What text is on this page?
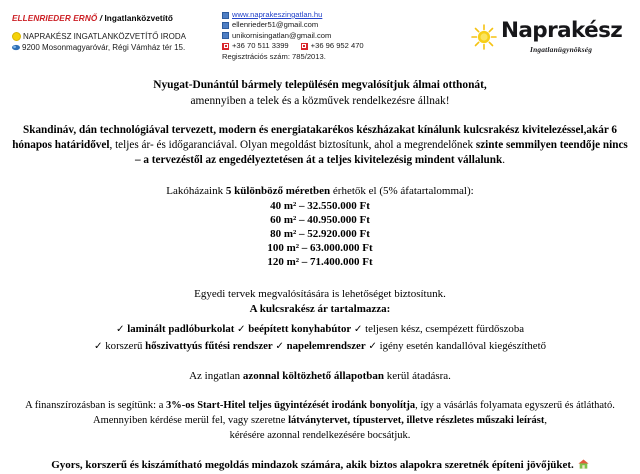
ELLENRIEDER ERNŐ / Ingatlanközvetítő
NAPRAKÉSZ INGATLANKÖZVETÍTŐ IRODA
9200 Mosonmagyaróvár, Régi Vámház tér 15.
www.naprakeszingatlan.hu
ellenrieder51@gmail.com
unikornisingatlan@gmail.com
+36 70 511 3399	+36 96 952 470
Regisztrációs szám: 785/2013.
Naprakész
Ingatlanügynökség
Nyugat-Dunántúl bármely településén megvalósítjuk álmai otthonát,
amennyiben a telek és a közművek rendelkezésre állnak!
Skandináv, dán technológiával tervezett, modern és energiatakarékos készházakat kínálunk kulcsrakész kivitelezéssel,akár 6 hónapos határidővel, teljes ár- és időgaranciával. Olyan megoldást biztosítunk, ahol a megrendelőnek szinte semmilyen teendője nincs – a tervezéstől az engedélyeztetésen át a teljes kivitelezésig mindent vállalunk.
Lakóházaink 5 különböző méretben érhetők el (5% áfatartalommal):
40 m² – 32.550.000 Ft
60 m² – 40.950.000 Ft
80 m² – 52.920.000 Ft
100 m² – 63.000.000 Ft
120 m² – 71.400.000 Ft
Egyedi tervek megvalósítására is lehetőséget biztosítunk.
A kulcsrakész ár tartalmazza:
✓ laminált padlóburkolat ✓ beépített konyhabútor ✓ teljesen kész, csempézett fürdőszoba
✓ korszerű hőszivattyús fűtési rendszer ✓ napelemrendszer ✓ igény esetén kandallóval kiegészíthető
Az ingatlan azonnal költözhető állapotban kerül átadásra.
A finanszírozásban is segítünk: a 3%-os Start-Hitel teljes ügyintézését irodánk bonyolítja, így a vásárlás folyamata egyszerű és átlátható. Amennyiben kérdése merül fel, vagy szeretne látványtervet, típustervet, illetve részletes műszaki leírást,
kérésére azonnal rendelkezésére bocsátjuk.
Gyors, korszerű és kiszámítható megoldás mindazok számára, akik biztos alapokra szeretnék építeni jövőjüket.
